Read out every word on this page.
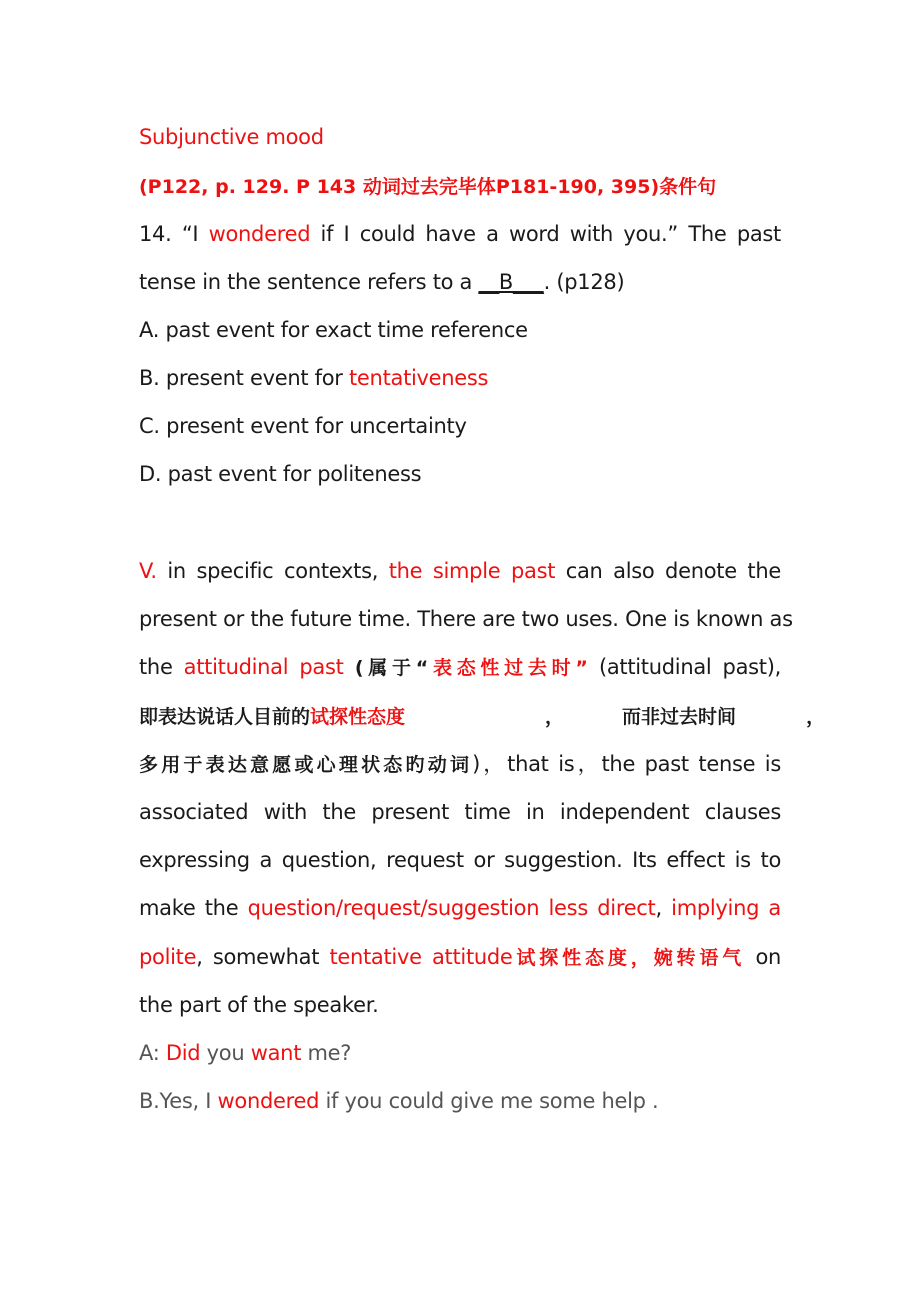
Subjunctive mood
(P122, p. 129. P 143 动词过去完毕体P181-190, 395)条件句
14. “I wondered if I could have a word with you.” The past
tense in the sentence refers to a __B___. (p128)
A. past event for exact time reference
B. present event for tentativeness
C. present event for uncertainty
D. past event for politeness
V. in specific contexts, the simple past can also denote the
present or the future time. There are two uses. One is known as
the attitudinal past (属于“表态性过去时” (attitudinal past),
即表达说话人目前的试探性态度	，	而非过去时间	，
多用于表达意愿或心理状态旳动词)，that is，the past tense is
associated with the present time in independent clauses
expressing a question, request or suggestion. Its effect is to
make the question/request/suggestion less direct, implying a
polite, somewhat tentative attitude试探性态度，婉转语气 on
the part of the speaker.
A: Did you want me?
B.Yes, I wondered if you could give me some help .
